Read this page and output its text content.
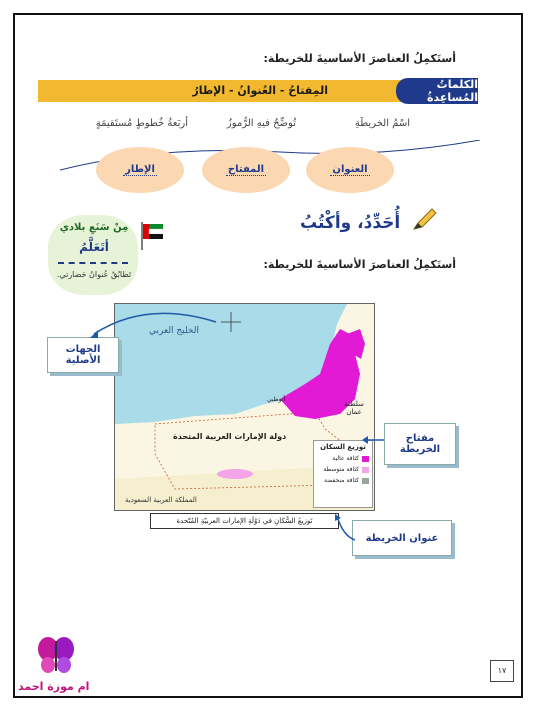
أستَكمِلُ العناصرَ الأساسيةَ للخريطة:
الكلماتُ المُساعِدةُ
المِفتاحُ - العُنوانُ - الإطارُ
اسْمُ الخريطَةِ
تُوضِّحُ فيهِ الرُّموزُ
أربَعةُ خُطوطٍ مُستَقيمَةٍ
العنوان
المفتاح
الإطار
مِنْ سَنَعِ بلادي
أتَعَلَّمُ
تَطابُقُ عُنوانُ حَضارتي.
أُحَدِّدُ، وأكْتُبُ
أستَكمِلُ العناصرَ الأساسيةَ للخريطة:
الخليج العربي
دولة الإمارات العربية المتحدة
المملكة العربية السعودية
سلطنة عمان
أبوظبي
توزيع السكان
كثافة عالية
كثافة متوسطة
كثافة منخفضة
الجهات الأصلية
مفتاح الخريطة
تَوزيعُ السُّكانِ في دَوْلَةِ الإمارات العربيّةِ المُتّحدة
عنوان الخريطة
١٧
ام موزة احمد
